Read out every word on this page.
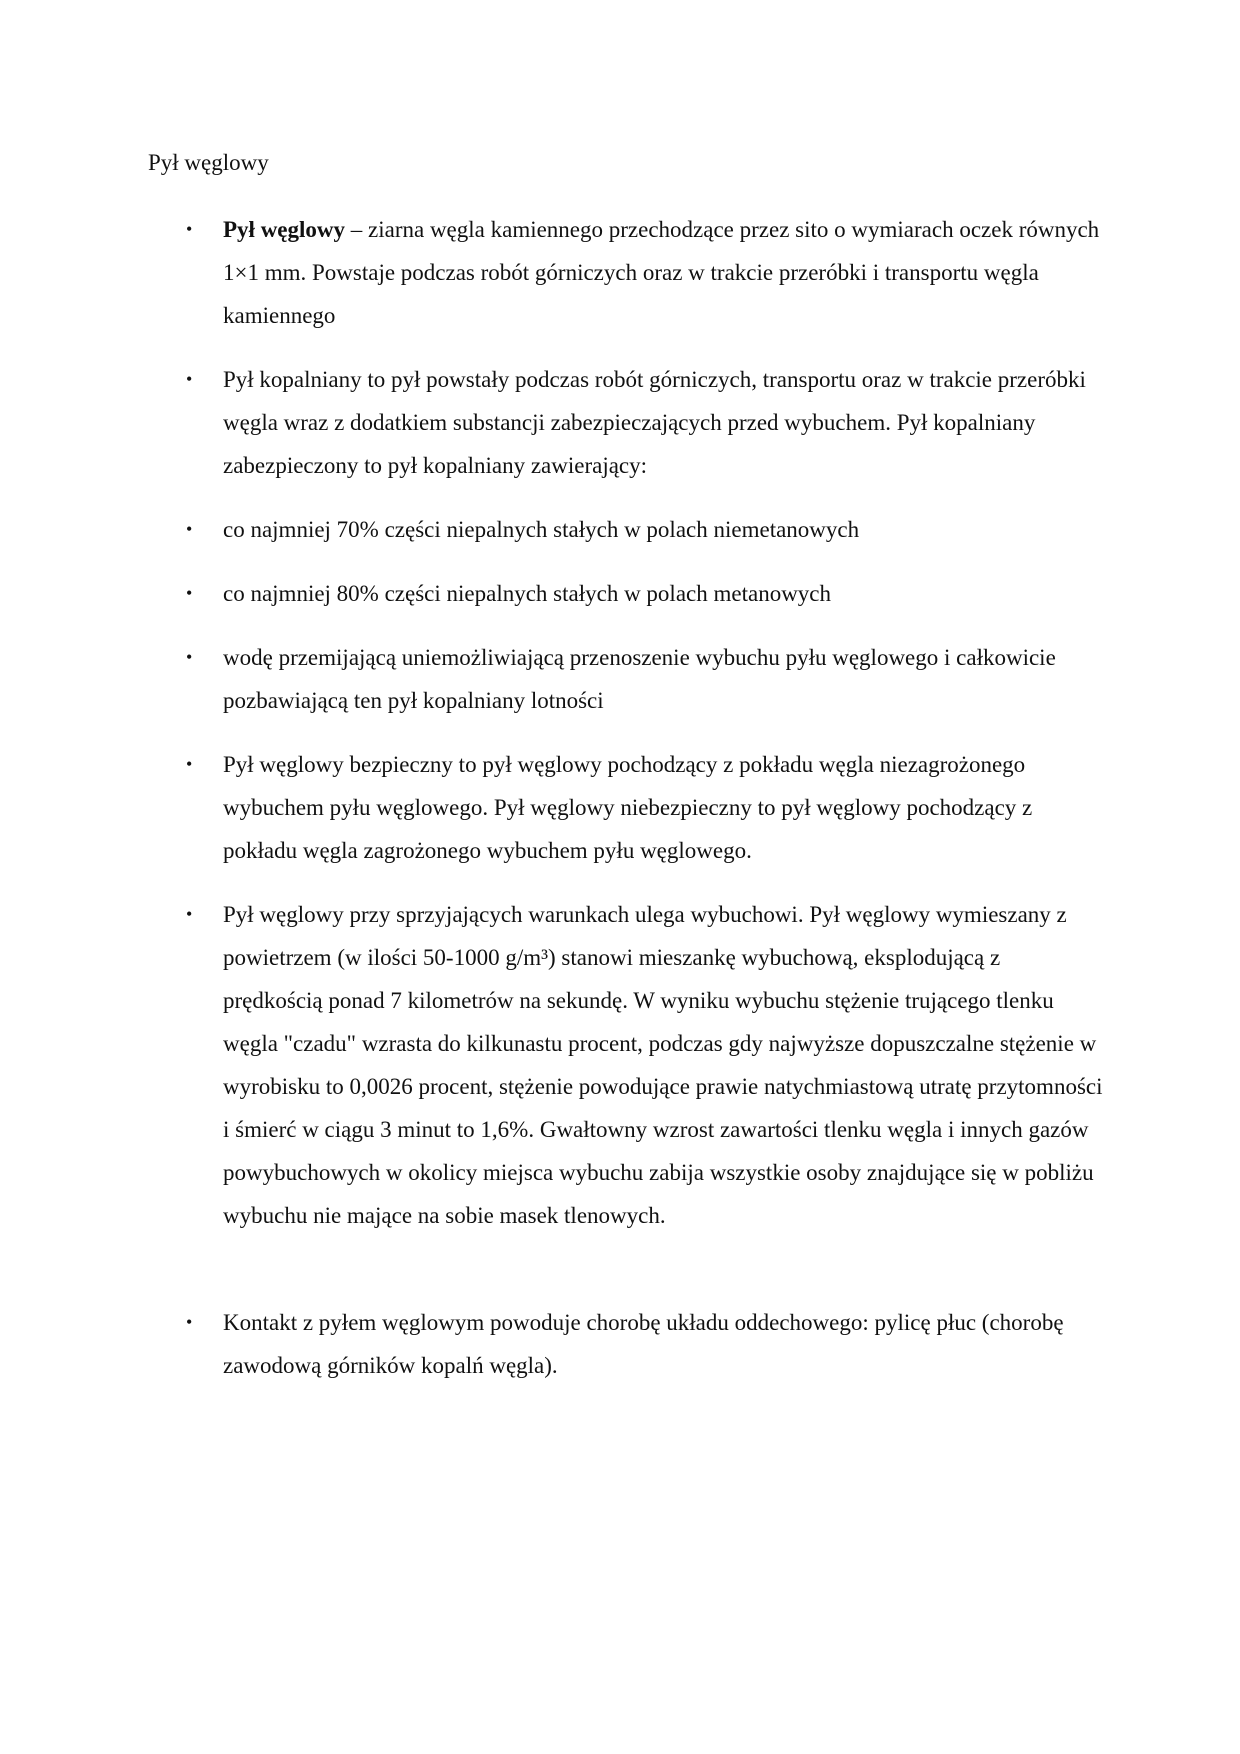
Pył węglowy
• Pył węglowy – ziarna węgla kamiennego przechodzące przez sito o wymiarach oczek równych 1×1 mm. Powstaje podczas robót górniczych oraz w trakcie przeróbki i transportu węgla kamiennego
• Pył kopalniany to pył powstały podczas robót górniczych, transportu oraz w trakcie przeróbki węgla wraz z dodatkiem substancji zabezpieczających przed wybuchem. Pył kopalniany zabezpieczony to pył kopalniany zawierający:
• co najmniej 70% części niepalnych stałych w polach niemetanowych
• co najmniej 80% części niepalnych stałych w polach metanowych
• wodę przemijającą uniemożliwiającą przenoszenie wybuchu pyłu węglowego i całkowicie pozbawiającą ten pył kopalniany lotności
• Pył węglowy bezpieczny to pył węglowy pochodzący z pokładu węgla niezagrożonego wybuchem pyłu węglowego. Pył węglowy niebezpieczny to pył węglowy pochodzący z pokładu węgla zagrożonego wybuchem pyłu węglowego.
• Pył węglowy przy sprzyjających warunkach ulega wybuchowi. Pył węglowy wymieszany z powietrzem (w ilości 50-1000 g/m³) stanowi mieszankę wybuchową, eksplodującą z prędkością ponad 7 kilometrów na sekundę. W wyniku wybuchu stężenie trującego tlenku węgla "czadu" wzrasta do kilkunastu procent, podczas gdy najwyższe dopuszczalne stężenie w wyrobisku to 0,0026 procent, stężenie powodujące prawie natychmiastową utratę przytomności i śmierć w ciągu 3 minut to 1,6%. Gwałtowny wzrost zawartości tlenku węgla i innych gazów powybuchowych w okolicy miejsca wybuchu zabija wszystkie osoby znajdujące się w pobliżu wybuchu nie mające na sobie masek tlenowych.
• Kontakt z pyłem węglowym powoduje chorobę układu oddechowego: pylicę płuc (chorobę zawodową górników kopalń węgla).
